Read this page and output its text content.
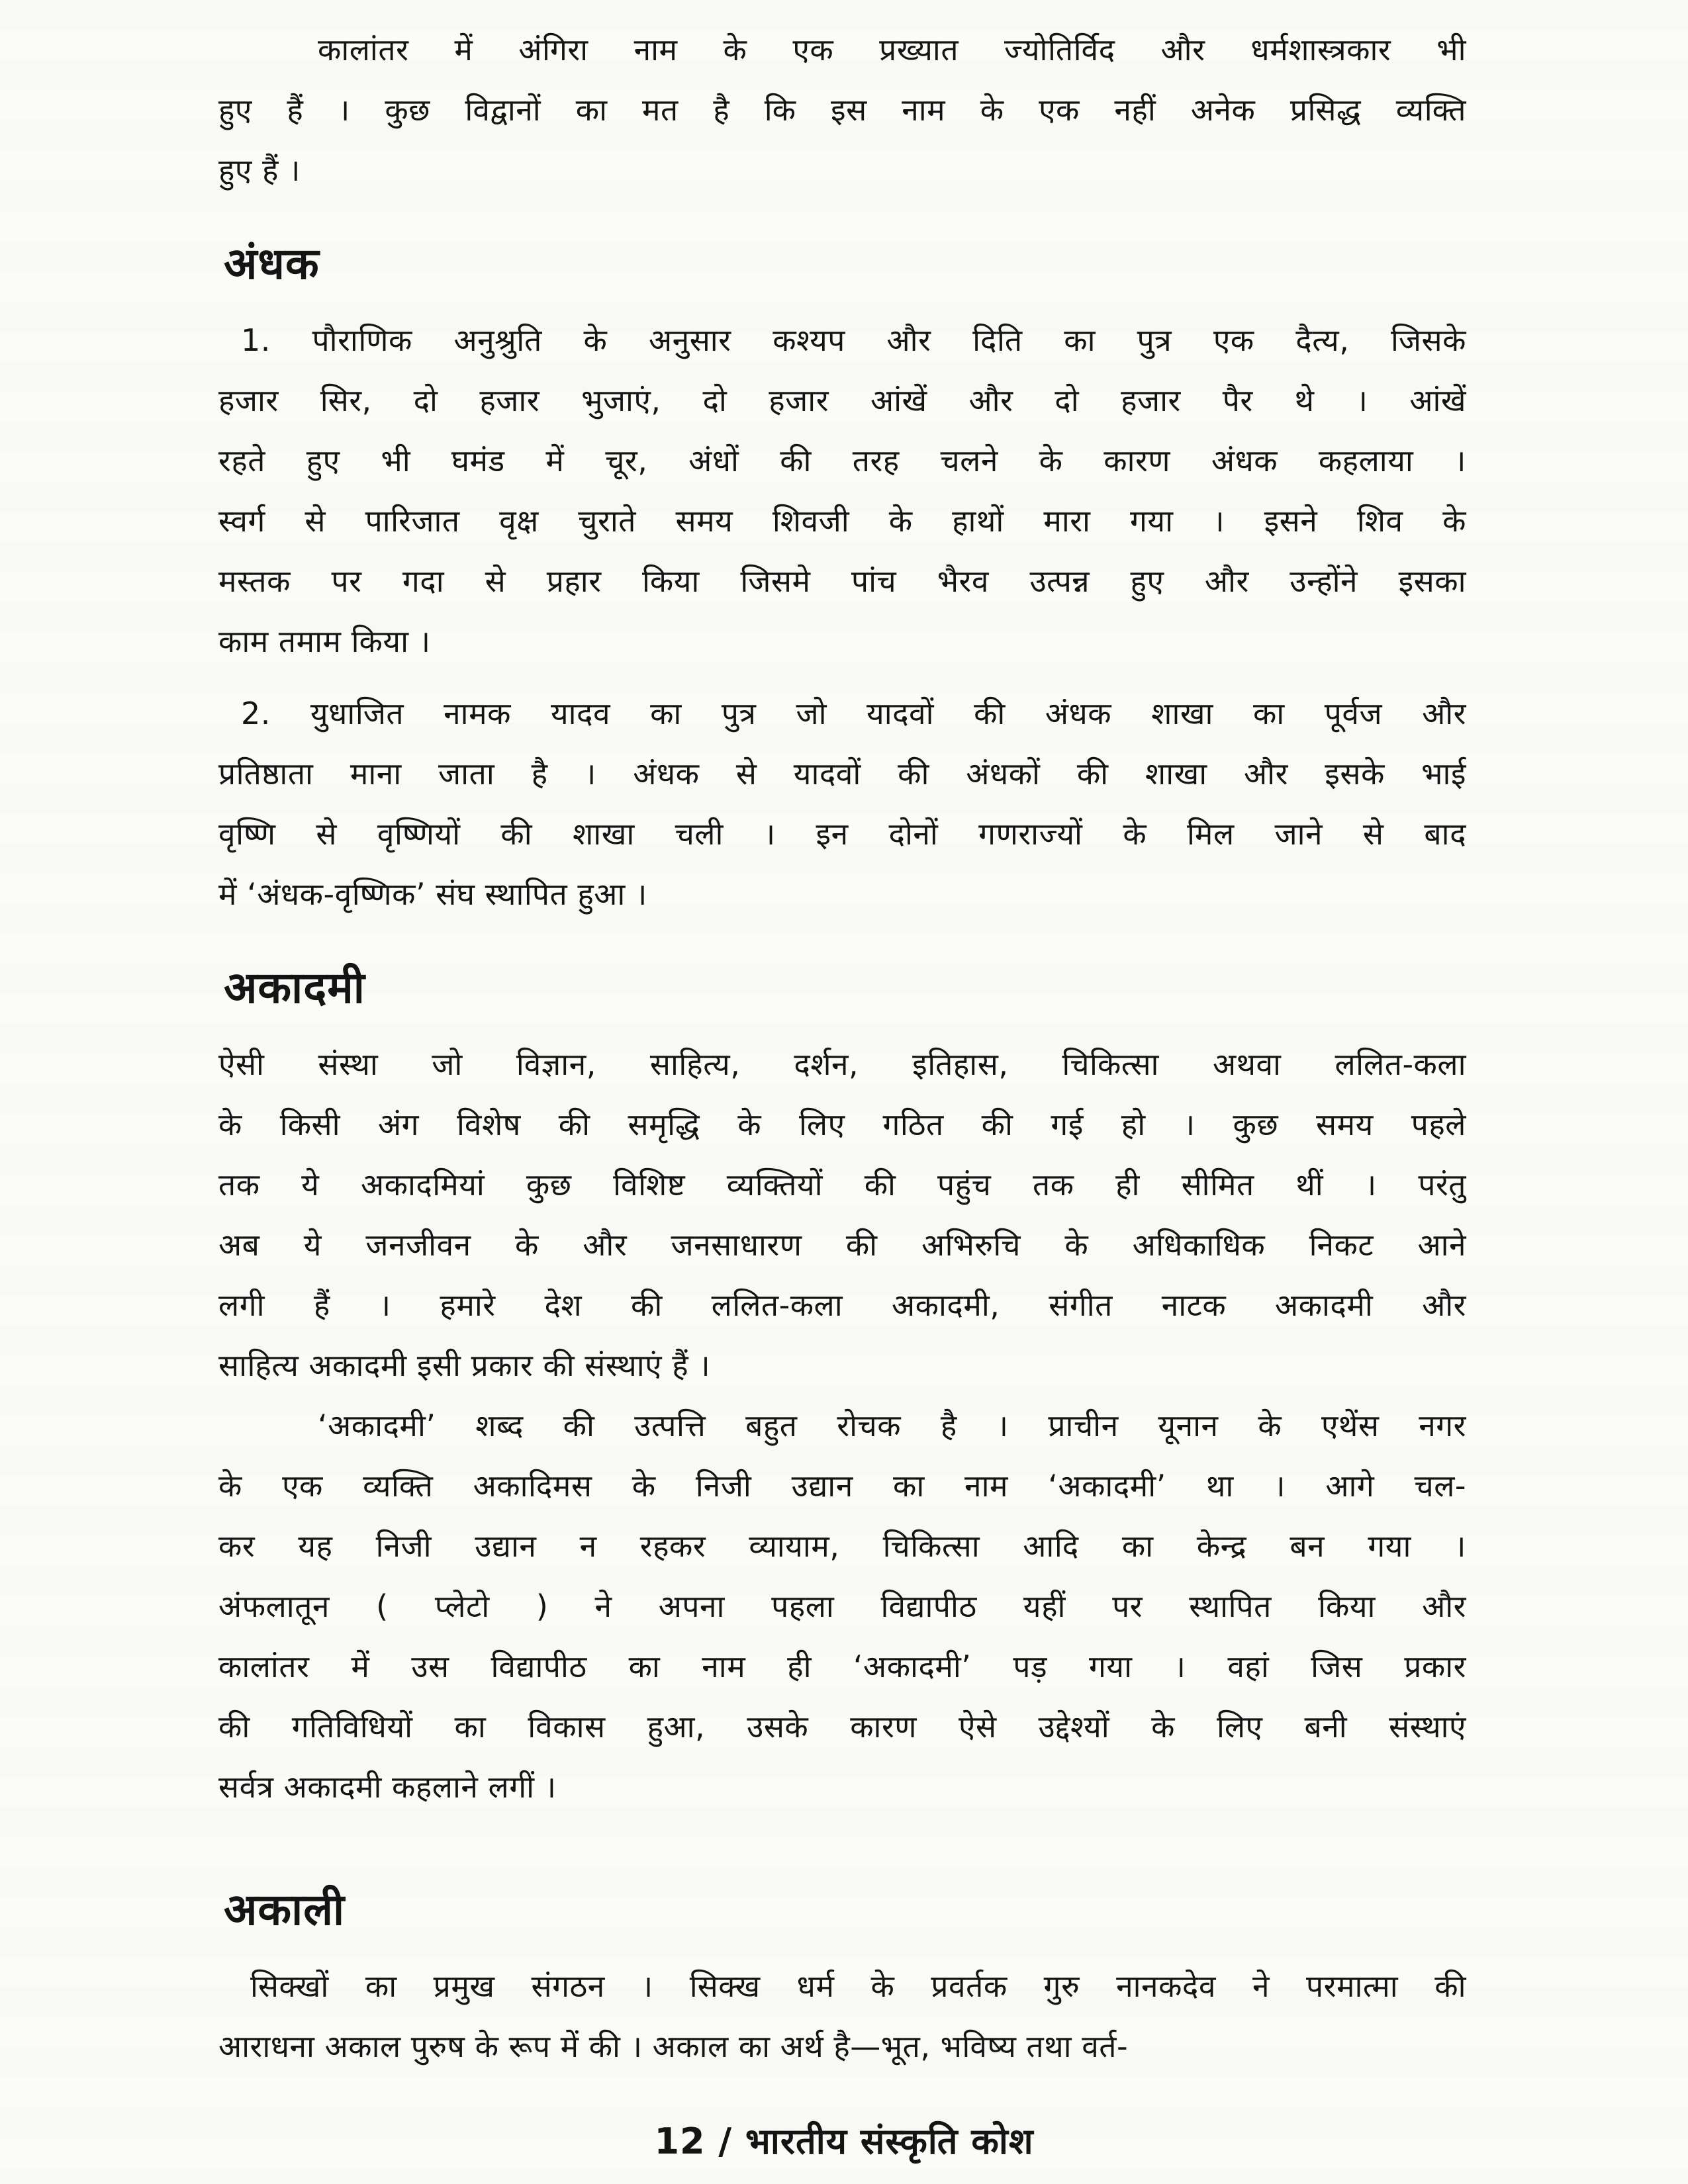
कालांतर में अंगिरा नाम के एक प्रख्यात ज्योतिर्विद और धर्मशास्त्रकार भी
हुए हैं । कुछ विद्वानों का मत है कि इस नाम के एक नहीं अनेक प्रसिद्ध व्यक्ति
हुए हैं ।
अंधक
1. पौराणिक अनुश्रुति के अनुसार कश्यप और दिति का पुत्र एक दैत्य, जिसके
हजार सिर, दो हजार भुजाएं, दो हजार आंखें और दो हजार पैर थे । आंखें
रहते हुए भी घमंड में चूर, अंधों की तरह चलने के कारण अंधक कहलाया ।
स्वर्ग से पारिजात वृक्ष चुराते समय शिवजी के हाथों मारा गया । इसने शिव के
मस्तक पर गदा से प्रहार किया जिसमे पांच भैरव उत्पन्न हुए और उन्होंने इसका
काम तमाम किया ।
2. युधाजित नामक यादव का पुत्र जो यादवों की अंधक शाखा का पूर्वज और
प्रतिष्ठाता माना जाता है । अंधक से यादवों की अंधकों की शाखा और इसके भाई
वृष्णि से वृष्णियों की शाखा चली । इन दोनों गणराज्यों के मिल जाने से बाद
में ‘अंधक-वृष्णिक’ संघ स्थापित हुआ ।
अकादमी
ऐसी संस्था जो विज्ञान, साहित्य, दर्शन, इतिहास, चिकित्सा अथवा ललित-कला
के किसी अंग विशेष की समृद्धि के लिए गठित की गई हो । कुछ समय पहले
तक ये अकादमियां कुछ विशिष्ट व्यक्तियों की पहुंच तक ही सीमित थीं । परंतु
अब ये जनजीवन के और जनसाधारण की अभिरुचि के अधिकाधिक निकट आने
लगी हैं । हमारे देश की ललित-कला अकादमी, संगीत नाटक अकादमी और
साहित्य अकादमी इसी प्रकार की संस्थाएं हैं ।
‘अकादमी’ शब्द की उत्पत्ति बहुत रोचक है । प्राचीन यूनान के एथेंस नगर
के एक व्यक्ति अकादिमस के निजी उद्यान का नाम ‘अकादमी’ था । आगे चल-
कर यह निजी उद्यान न रहकर व्यायाम, चिकित्सा आदि का केन्द्र बन गया ।
अंफलातून ( प्लेटो ) ने अपना पहला विद्यापीठ यहीं पर स्थापित किया और
कालांतर में उस विद्यापीठ का नाम ही ‘अकादमी’ पड़ गया । वहां जिस प्रकार
की गतिविधियों का विकास हुआ, उसके कारण ऐसे उद्देश्यों के लिए बनी संस्थाएं
सर्वत्र अकादमी कहलाने लगीं ।
अकाली
सिक्खों का प्रमुख संगठन । सिक्ख धर्म के प्रवर्तक गुरु नानकदेव ने परमात्मा की
आराधना अकाल पुरुष के रूप में की । अकाल का अर्थ है—भूत, भविष्य तथा वर्त-
12 / भारतीय संस्कृति कोश
